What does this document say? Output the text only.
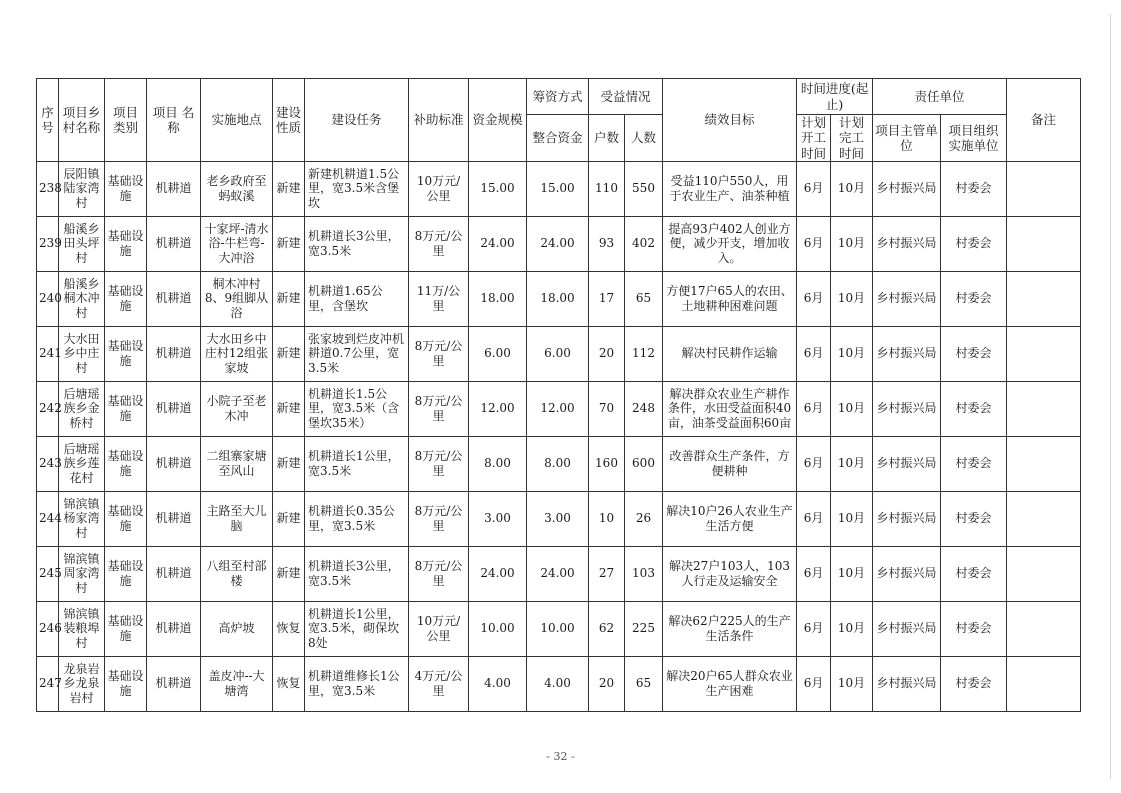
序号	项目乡村名称	项目类别	项目 名称	实施地点	建设性质	建设任务	补助标准	资金规模	筹资方式	受益情况		绩效目标	时间进度(起止)		责任单位		备注
									整合资金	户数	人数		计划开工时间	计划完工时间	项目主管单位	项目组织实施单位	
238	辰阳镇陆家湾村	基础设施	机耕道	老乡政府至蚂蚁溪	新建	新建机耕道1.5公里，宽3.5米含堡坎	10万元/公里	15.00	15.00	110	550	受益110户550人，用于农业生产、油茶种植	6月	10月	乡村振兴局	村委会	
239	船溪乡田头坪村	基础设施	机耕道	十家坪-清水浴-牛栏弯-大冲浴	新建	机耕道长3公里，宽3.5米	8万元/公里	24.00	24.00	93	402	提高93户402人创业方便，减少开支，增加收入。	6月	10月	乡村振兴局	村委会	
240	船溪乡桐木冲村	基础设施	机耕道	桐木冲村8、9组脚从浴	新建	机耕道1.65公里，含堡坎	11万/公里	18.00	18.00	17	65	方便17户65人的农田、土地耕种困难问题	6月	10月	乡村振兴局	村委会	
241	大水田乡中庄村	基础设施	机耕道	大水田乡中庄村12组张家坡	新建	张家坡到烂皮冲机耕道0.7公里，宽3.5米	8万元/公里	6.00	6.00	20	112	解决村民耕作运输	6月	10月	乡村振兴局	村委会	
242	后塘瑶族乡金桥村	基础设施	机耕道	小院子至老木冲	新建	机耕道长1.5公里，宽3.5米（含堡坎35米）	8万元/公里	12.00	12.00	70	248	解决群众农业生产耕作条件，水田受益面积40亩，油茶受益面积60亩	6月	10月	乡村振兴局	村委会	
243	后塘瑶族乡莲花村	基础设施	机耕道	二组寨家塘至风山	新建	机耕道长1公里，宽3.5米	8万元/公里	8.00	8.00	160	600	改善群众生产条件，方便耕种	6月	10月	乡村振兴局	村委会	
244	锦滨镇杨家湾村	基础设施	机耕道	主路至大儿脑	新建	机耕道长0.35公里，宽3.5米	8万元/公里	3.00	3.00	10	26	解决10户26人农业生产生活方便	6月	10月	乡村振兴局	村委会	
245	锦滨镇周家湾村	基础设施	机耕道	八组至村部楼	新建	机耕道长3公里，宽3.5米	8万元/公里	24.00	24.00	27	103	解决27户103人，103人行走及运输安全	6月	10月	乡村振兴局	村委会	
246	锦滨镇装粮埠村	基础设施	机耕道	高炉坡	恢复	机耕道长1公里，宽3.5米，砌保坎8处	10万元/公里	10.00	10.00	62	225	解决62户225人的生产生活条件	6月	10月	乡村振兴局	村委会	
247	龙泉岩乡龙泉岩村	基础设施	机耕道	盖皮冲--大塘湾	恢复	机耕道维修长1公里，宽3.5米	4万元/公里	4.00	4.00	20	65	解决20户65人群众农业生产困难	6月	10月	乡村振兴局	村委会	
- 32 -
